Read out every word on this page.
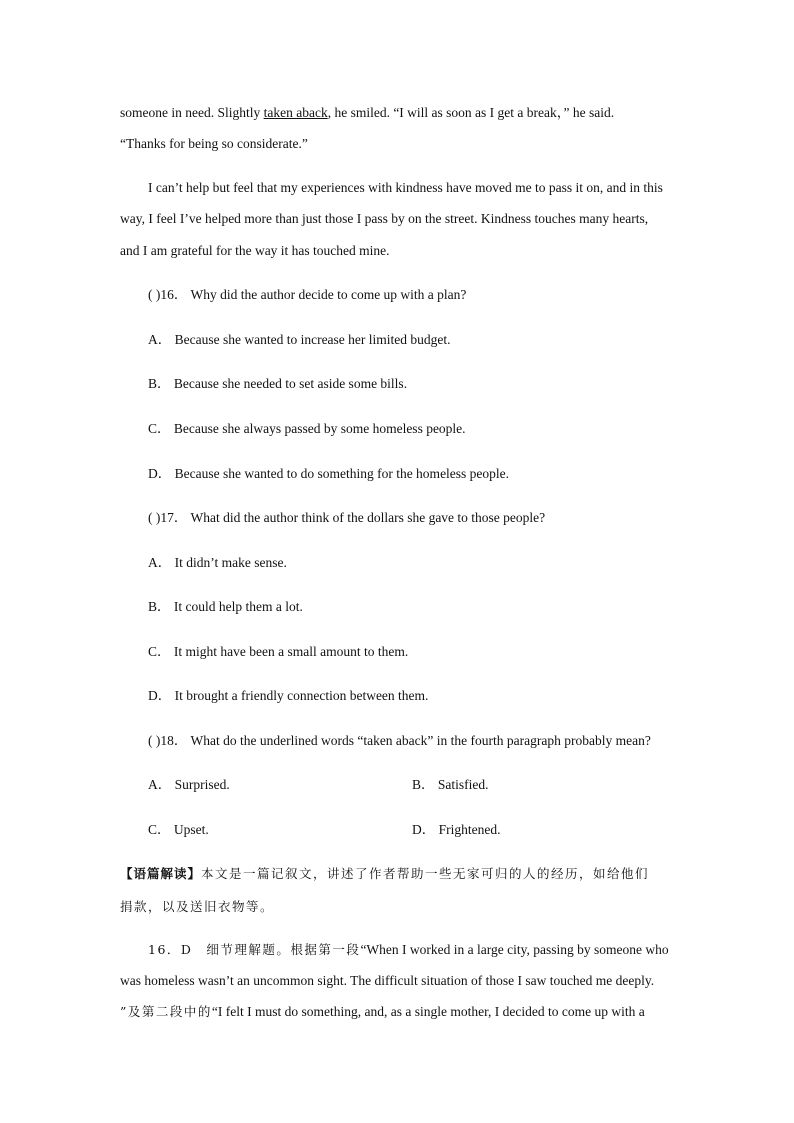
someone in need. Slightly taken aback, he smiled. “I will as soon as I get a break，” he said.
“Thanks for being so considerate.”
I can’t help but feel that my experiences with kindness have moved me to pass it on, and in this
way, I feel I’ve helped more than just those I pass by on the street. Kindness touches many hearts,
and I am grateful for the way it has touched mine.
( )16． Why did the author decide to come up with a plan?
A． Because she wanted to increase her limited budget.
B． Because she needed to set aside some bills.
C． Because she always passed by some homeless people.
D． Because she wanted to do something for the homeless people.
( )17． What did the author think of the dollars she gave to those people?
A． It didn’t make sense.
B． It could help them a lot.
C． It might have been a small amount to them.
D． It brought a friendly connection between them.
( )18． What do the underlined words “taken aback” in the fourth paragraph probably mean?
A． Surprised.	B． Satisfied.
C． Upset.	D． Frightened.
【语篇解读】本文是一篇记叙文，讲述了作者帮助一些无家可归的人的经历，如给他们
捐款，以及送旧衣物等。
16．D　细节理解题。根据第一段“When I worked in a large city, passing by someone who
was homeless wasn’t an uncommon sight. The difficult situation of those I saw touched me deeply.
”及第二段中的“I felt I must do something, and, as a single mother, I decided to come up with a
